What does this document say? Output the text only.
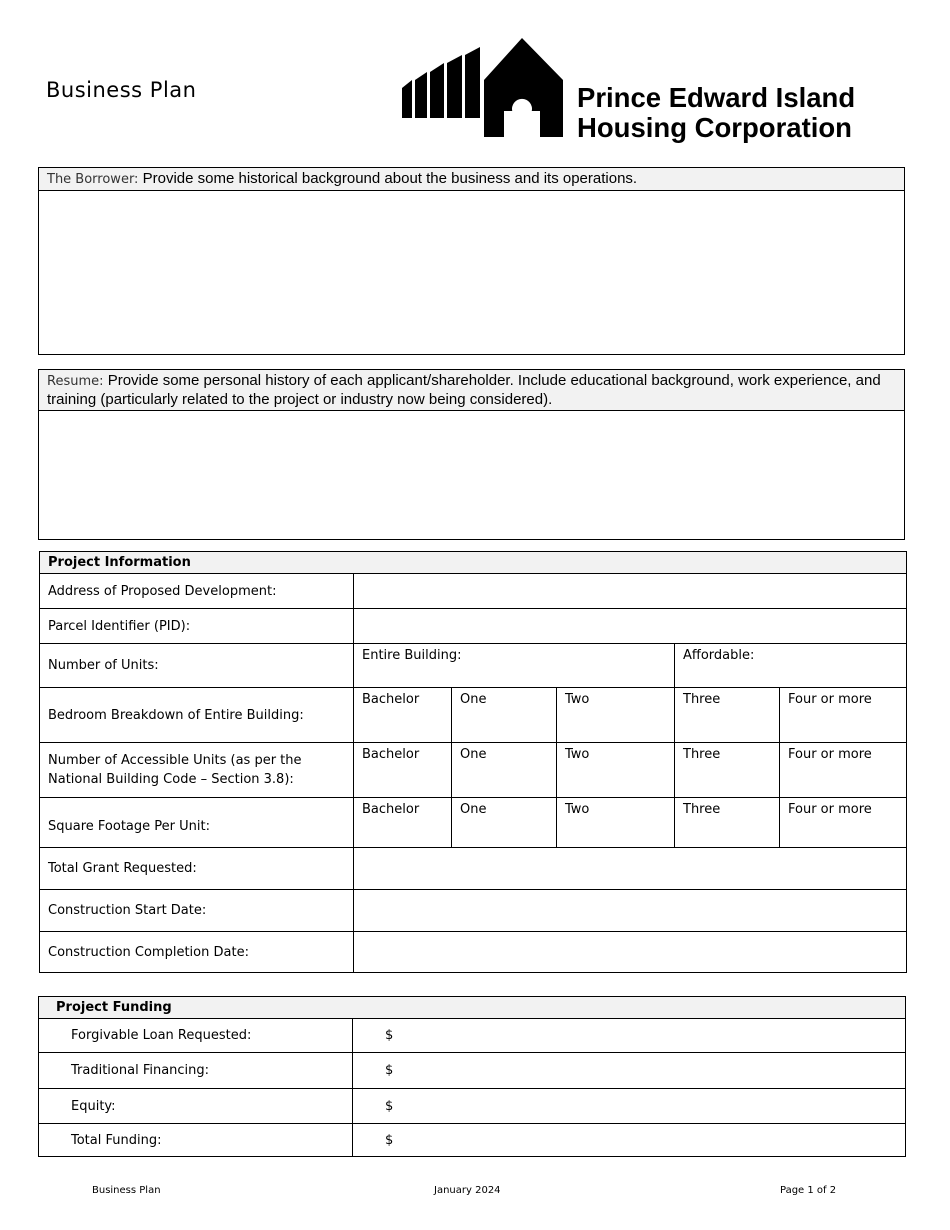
Business Plan	Prince Edward Island
Housing Corporation
The Borrower: Provide some historical background about the business and its operations.
Resume: Provide some personal history of each applicant/shareholder. Include educational background, work experience, and training (particularly related to the project or industry now being considered).
Project Information					
Address of Proposed Development:					
Parcel Identifier (PID):					
Number of Units:	Entire Building:			Affordable:	
Bedroom Breakdown of Entire Building:	Bachelor	One	Two	Three	Four or more
Number of Accessible Units (as per the National Building Code – Section 3.8):	Bachelor	One	Two	Three	Four or more
Square Footage Per Unit:	Bachelor	One	Two	Three	Four or more
Total Grant Requested:					
Construction Start Date:					
Construction Completion Date:					
Project Funding	
Forgivable Loan Requested:	$
Traditional Financing:	$
Equity:	$
Total Funding:	$
Business Plan	January 2024	Page 1 of 2
